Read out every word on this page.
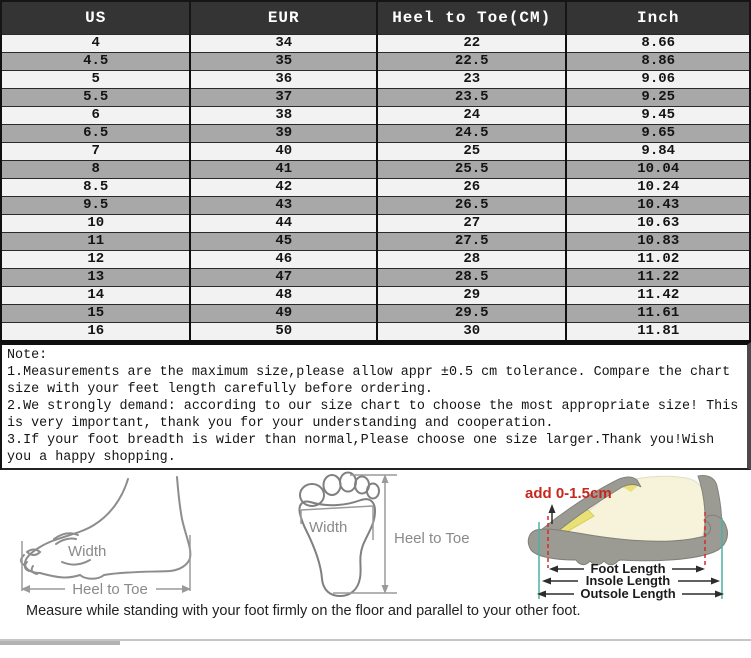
US	EUR	Heel to Toe(CM)	Inch
4	34	22	8.66
4.5	35	22.5	8.86
5	36	23	9.06
5.5	37	23.5	9.25
6	38	24	9.45
6.5	39	24.5	9.65
7	40	25	9.84
8	41	25.5	10.04
8.5	42	26	10.24
9.5	43	26.5	10.43
10	44	27	10.63
11	45	27.5	10.83
12	46	28	11.02
13	47	28.5	11.22
14	48	29	11.42
15	49	29.5	11.61
16	50	30	11.81
Note:
1.Measurements are the maximum size,please allow appr ±0.5 cm tolerance. Compare the chart size with your feet length carefully before ordering.
2.We strongly demand: according to our size chart to choose the most appropriate size! This is very important, thank you for your understanding and cooperation.
3.If your foot breadth is wider than normal,Please choose one size larger.Thank you!Wish you a happy shopping.
Width
Heel to Toe
Width
Heel to Toe
add 0-1.5cm
Foot Length
Insole Length
Outsole Length
Measure while standing with your foot firmly on the floor and parallel to your other foot.
